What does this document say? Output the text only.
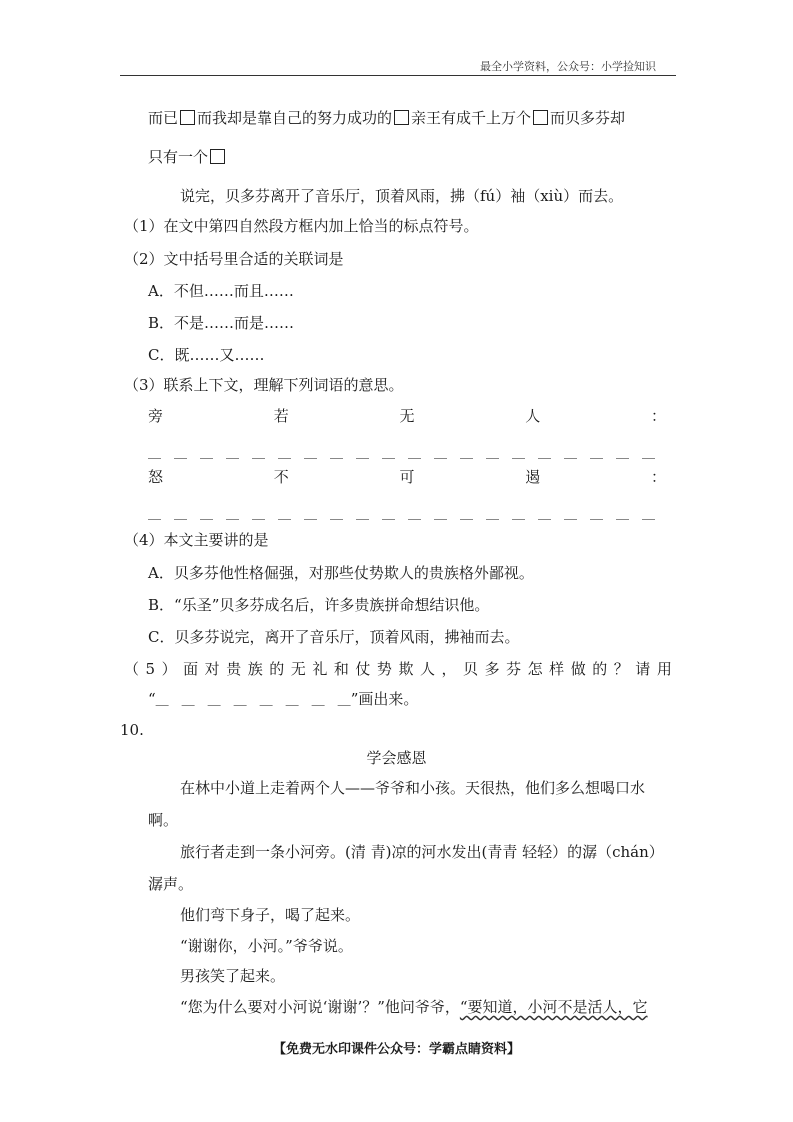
最全小学资料，公众号：小学捡知识
而已 而我却是靠自己的努力成功的 亲王有成千上万个 而贝多芬却
只有一个
说完，贝多芬离开了音乐厅，顶着风雨，拂（fú）袖（xiù）而去。
（1）在文中第四自然段方框内加上恰当的标点符号。
（2）文中括号里合适的关联词是
A．不但……而且……
B．不是……而是……
C．既……又……
（3）联系上下文，理解下列词语的意思。
旁	若	无	人	：
＿　＿　＿　＿　＿　＿　＿　＿　＿　＿　＿　＿　＿　＿　＿　＿　＿　＿　＿　＿
怒	不	可	遏	：
＿　＿　＿　＿　＿　＿　＿　＿　＿　＿　＿　＿　＿　＿　＿　＿　＿　＿　＿　＿
（4）本文主要讲的是
A．贝多芬他性格倔强，对那些仗势欺人的贵族格外鄙视。
B．“乐圣”贝多芬成名后，许多贵族拼命想结识他。
C．贝多芬说完，离开了音乐厅，顶着风雨，拂袖而去。
（ 5 ） 面 对 贵 族 的 无 礼 和 仗 势 欺 人 ， 贝 多 芬 怎 样 做 的 ？ 请 用
“＿　＿　＿　＿　＿　＿　＿　＿”画出来。
10.
学会感恩
在林中小道上走着两个人——爷爷和小孩。天很热，他们多么想喝口水
啊。
旅行者走到一条小河旁。(清 青)凉的河水发出(青青 轻轻）的潺（chán）
潺声。
他们弯下身子，喝了起来。
“谢谢你，小河。”爷爷说。
男孩笑了起来。
“您为什么要对小河说‘谢谢’？”他问爷爷，“要知道，小河不是活人，它
【免费无水印课件公众号：学霸点睛资料】
